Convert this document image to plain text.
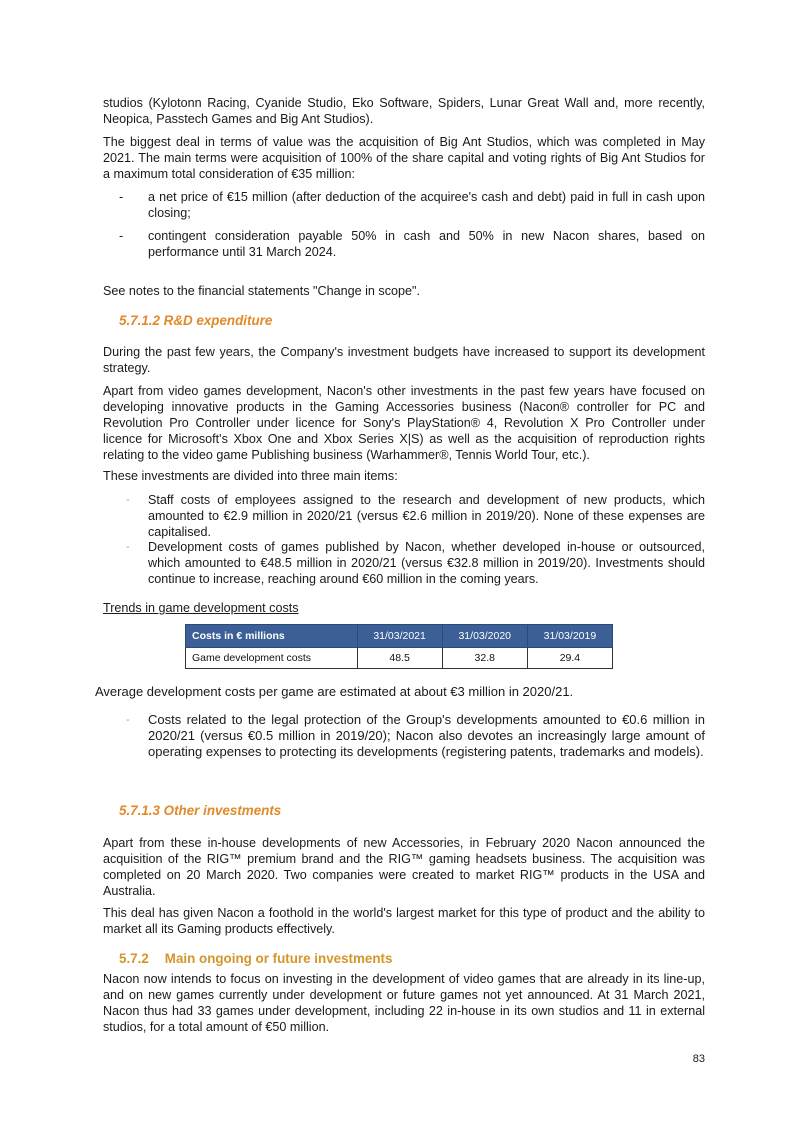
studios (Kylotonn Racing, Cyanide Studio, Eko Software, Spiders, Lunar Great Wall and, more recently, Neopica, Passtech Games and Big Ant Studios).

The biggest deal in terms of value was the acquisition of Big Ant Studios, which was completed in May 2021. The main terms were acquisition of 100% of the share capital and voting rights of Big Ant Studios for a maximum total consideration of €35 million:

- a net price of €15 million (after deduction of the acquiree's cash and debt) paid in full in cash upon closing;

- contingent consideration payable 50% in cash and 50% in new Nacon shares, based on performance until 31 March 2024.

See notes to the financial statements "Change in scope".

5.7.1.2 R&D expenditure

During the past few years, the Company's investment budgets have increased to support its development strategy.

Apart from video games development, Nacon's other investments in the past few years have focused on developing innovative products in the Gaming Accessories business (Nacon® controller for PC and Revolution Pro Controller under licence for Sony's PlayStation® 4, Revolution X Pro Controller under licence for Microsoft's Xbox One and Xbox Series X|S) as well as the acquisition of reproduction rights relating to the video game Publishing business (Warhammer®, Tennis World Tour, etc.).

These investments are divided into three main items:

- Staff costs of employees assigned to the research and development of new products, which amounted to €2.9 million in 2020/21 (versus €2.6 million in 2019/20). None of these expenses are capitalised.

- Development costs of games published by Nacon, whether developed in-house or outsourced, which amounted to €48.5 million in 2020/21 (versus €32.8 million in 2019/20). Investments should continue to increase, reaching around €60 million in the coming years.

Trends in game development costs

Costs in € millions	31/03/2021	31/03/2020	31/03/2019
Game development costs	48.5	32.8	29.4

Average development costs per game are estimated at about €3 million in 2020/21.

- Costs related to the legal protection of the Group's developments amounted to €0.6 million in 2020/21 (versus €0.5 million in 2019/20); Nacon also devotes an increasingly large amount of operating expenses to protecting its developments (registering patents, trademarks and models).

5.7.1.3 Other investments

Apart from these in-house developments of new Accessories, in February 2020 Nacon announced the acquisition of the RIG™ premium brand and the RIG™ gaming headsets business. The acquisition was completed on 20 March 2020. Two companies were created to market RIG™ products in the USA and Australia.

This deal has given Nacon a foothold in the world's largest market for this type of product and the ability to market all its Gaming products effectively.

5.7.2 Main ongoing or future investments

Nacon now intends to focus on investing in the development of video games that are already in its line-up, and on new games currently under development or future games not yet announced. At 31 March 2021, Nacon thus had 33 games under development, including 22 in-house in its own studios and 11 in external studios, for a total amount of €50 million.

83
